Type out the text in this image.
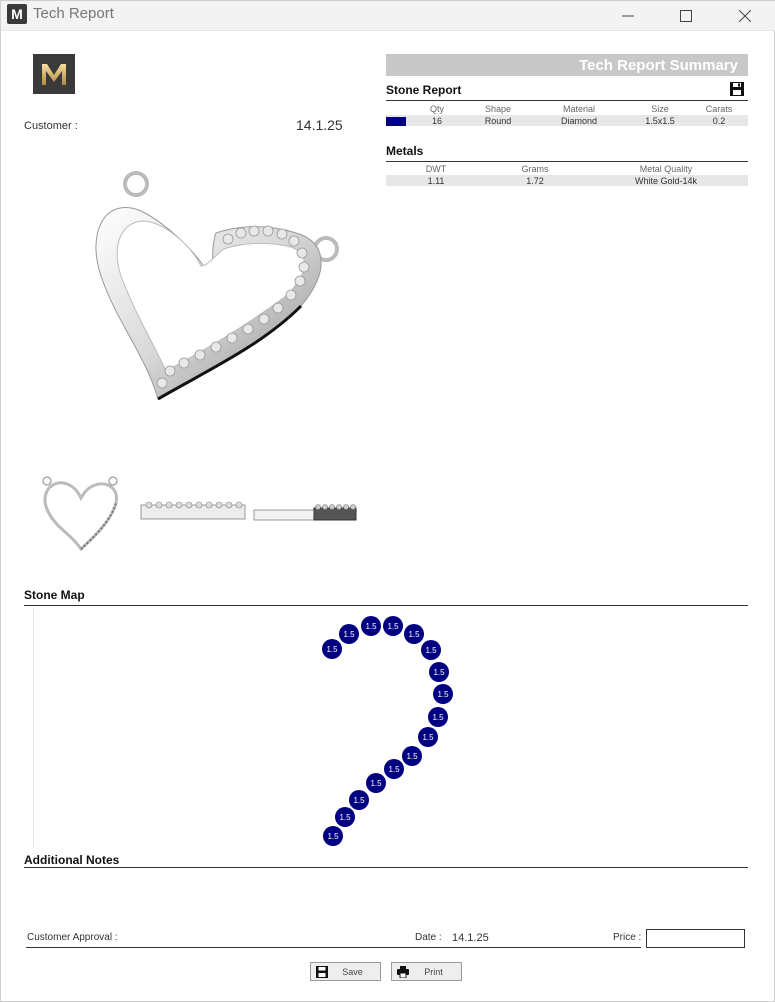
M Tech Report
Customer :	14.1.25
Tech Report Summary
Stone Report
	Qty	Shape	Material	Size	Carats
	16	Round	Diamond	1.5x1.5	0.2
Metals
DWT	Grams	Metal Quality
1.11	1.72	White Gold-14k
Stone Map
1.5
1.5
1.5 1.5
1.5
1.5
1.5
1.5
1.5
1.5
1.5
1.5
1.5
1.5
1.5
1.5
Additional Notes
Customer Approval :	Date : 14.1.25	Price :
Save	Print
